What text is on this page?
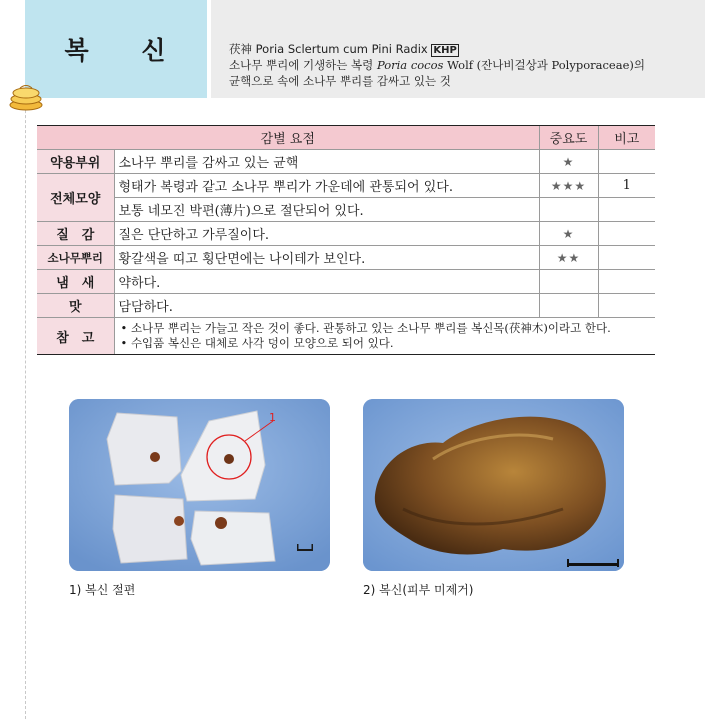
복 신	茯神 Poria Sclertum cum Pini Radix KHP
소나무 뿌리에 기생하는 복령 Poria cocos Wolf (잔나비걸상과 Polyporaceae)의
균핵으로 속에 소나무 뿌리를 감싸고 있는 것
감별 요점		중요도	비고
약용부위	소나무 뿌리를 감싸고 있는 균핵	★	
전체모양	형태가 복령과 같고 소나무 뿌리가 가운데에 관통되어 있다.	★★★	1
	보통 네모진 박편(薄片)으로 절단되어 있다.		
질　감	질은 단단하고 가루질이다.	★	
소나무뿌리	황갈색을 띠고 횡단면에는 나이테가 보인다.	★★	
냄　새	약하다.		
맛	담담하다.		
참　고	• 소나무 뿌리는 가늘고 작은 것이 좋다. 관통하고 있는 소나무 뿌리를 복신목(茯神木)이라고 한다.
• 수입품 복신은 대체로 사각 덩이 모양으로 되어 있다.		
1
1) 복신 절편	2) 복신(피부 미제거)
